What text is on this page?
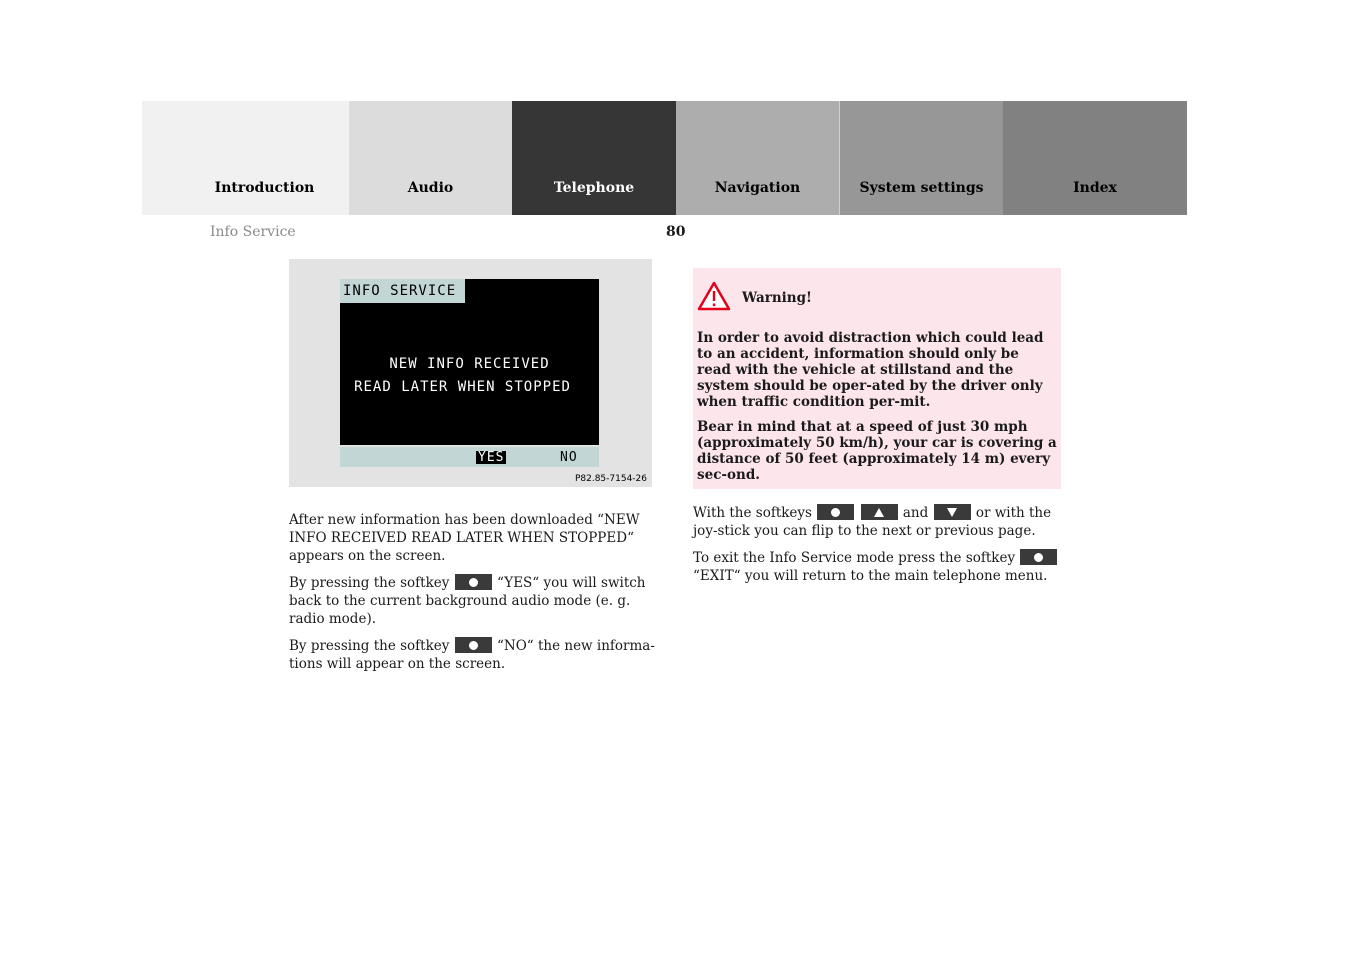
Introduction	Audio	Telephone	Navigation	System settings	Index
Info Service	80
INFO SERVICE
NEW INFO RECEIVED
READ LATER WHEN STOPPED
YES	NO
P82.85-7154-26

After new information has been downloaded “NEW INFO RECEIVED READ LATER WHEN STOPPED“ appears on the screen.

By pressing the softkey	“YES“ you will switch back to the current background audio mode (e. g. radio mode).

By pressing the softkey	“NO“ the new informa-tions will appear on the screen.

Warning!

In order to avoid distraction which could lead to an accident, information should only be read with the vehicle at stillstand and the system should be oper-ated by the driver only when traffic condition per-mit.

Bear in mind that at a speed of just 30 mph (approximately 50 km/h), your car is covering a distance of 50 feet (approximately 14 m) every sec-ond.

With the softkeys
	and	or with the joy-stick you can flip to the next or previous page.

To exit the Info Service mode press the softkey
“EXIT“ you will return to the main telephone menu.
